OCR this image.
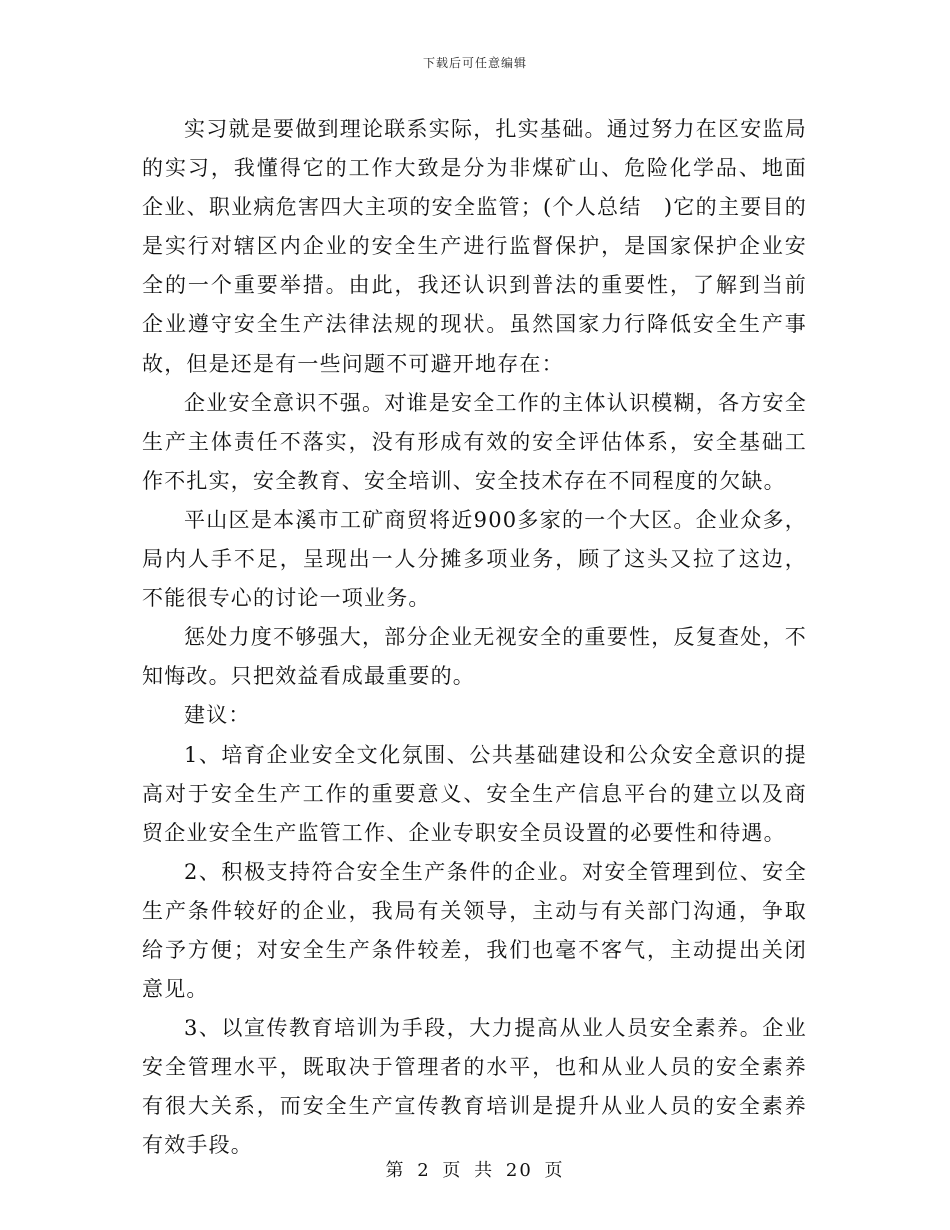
下载后可任意编辑

实习就是要做到理论联系实际，扎实基础。通过努力在区安监局的实习，我懂得它的工作大致是分为非煤矿山、危险化学品、地面企业、职业病危害四大主项的安全监管；(个人总结　)它的主要目的是实行对辖区内企业的安全生产进行监督保护，是国家保护企业安全的一个重要举措。由此，我还认识到普法的重要性，了解到当前企业遵守安全生产法律法规的现状。虽然国家力行降低安全生产事故，但是还是有一些问题不可避开地存在：

企业安全意识不强。对谁是安全工作的主体认识模糊，各方安全生产主体责任不落实，没有形成有效的安全评估体系，安全基础工作不扎实，安全教育、安全培训、安全技术存在不同程度的欠缺。

平山区是本溪市工矿商贸将近900多家的一个大区。企业众多，局内人手不足，呈现出一人分摊多项业务，顾了这头又拉了这边，不能很专心的讨论一项业务。

惩处力度不够强大，部分企业无视安全的重要性，反复查处，不知悔改。只把效益看成最重要的。

建议：

1、培育企业安全文化氛围、公共基础建设和公众安全意识的提高对于安全生产工作的重要意义、安全生产信息平台的建立以及商贸企业安全生产监管工作、企业专职安全员设置的必要性和待遇。

2、积极支持符合安全生产条件的企业。对安全管理到位、安全生产条件较好的企业，我局有关领导，主动与有关部门沟通，争取给予方便；对安全生产条件较差，我们也毫不客气，主动提出关闭意见。

3、以宣传教育培训为手段，大力提高从业人员安全素养。企业安全管理水平，既取决于管理者的水平，也和从业人员的安全素养有很大关系，而安全生产宣传教育培训是提升从业人员的安全素养有效手段。

第 2 页 共 20 页
